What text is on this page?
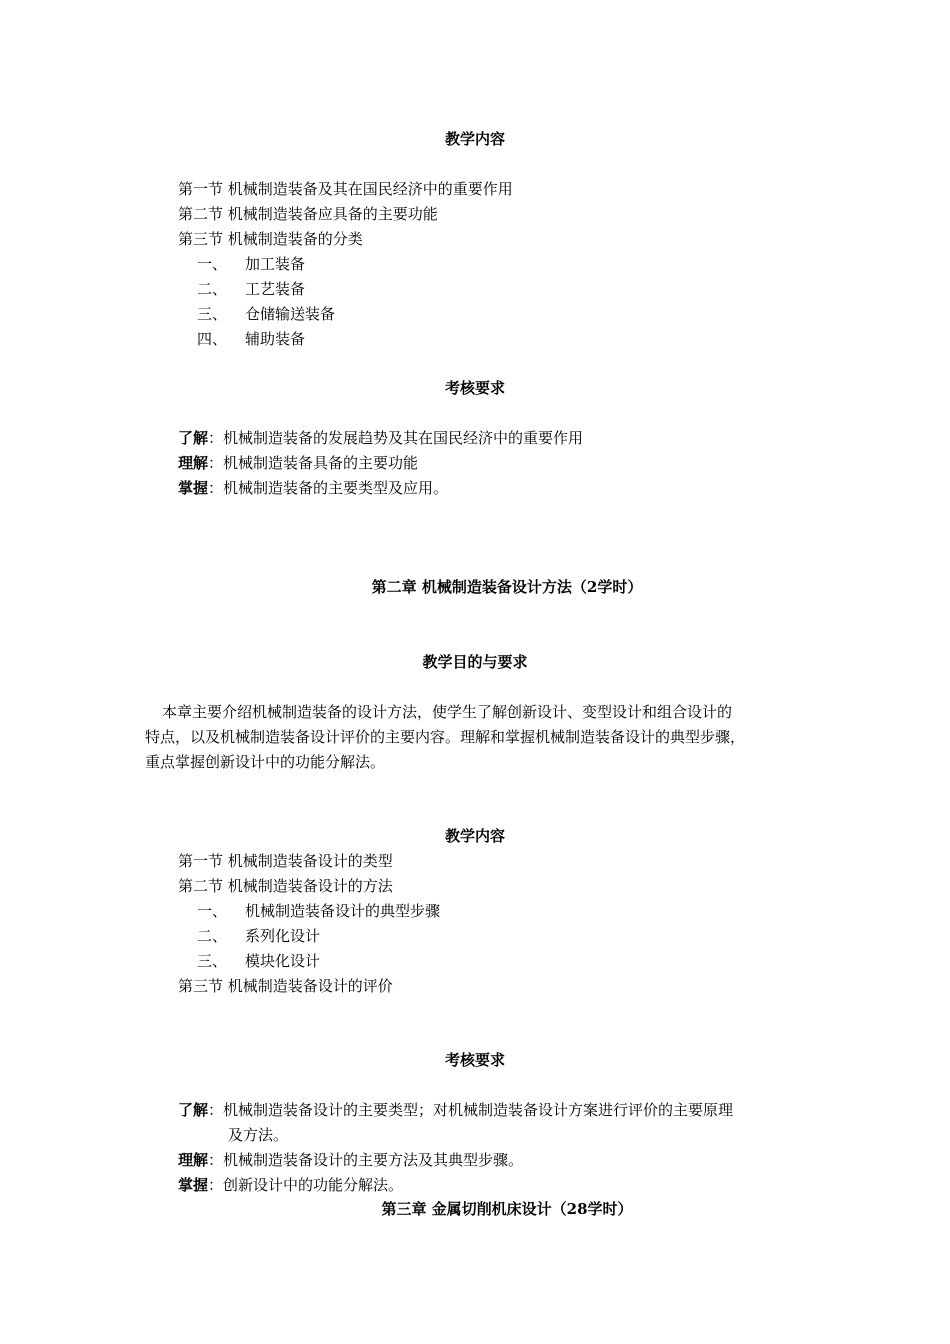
教学内容
第一节 机械制造装备及其在国民经济中的重要作用
第二节 机械制造装备应具备的主要功能
第三节 机械制造装备的分类
一、 加工装备
二、 工艺装备
三、 仓储输送装备
四、 辅助装备
考核要求
了解：机械制造装备的发展趋势及其在国民经济中的重要作用
理解：机械制造装备具备的主要功能
掌握：机械制造装备的主要类型及应用。
第二章 机械制造装备设计方法（2学时）
教学目的与要求

本章主要介绍机械制造装备的设计方法，使学生了解创新设计、变型设计和组合设计的

特点，以及机械制造装备设计评价的主要内容。理解和掌握机械制造装备设计的典型步骤，

重点掌握创新设计中的功能分解法。

教学内容
第一节 机械制造装备设计的类型
第二节 机械制造装备设计的方法
一、 机械制造装备设计的典型步骤
二、 系列化设计
三、 模块化设计
第三节 机械制造装备设计的评价
考核要求
了解：机械制造装备设计的主要类型；对机械制造装备设计方案进行评价的主要原理
及方法。
理解：机械制造装备设计的主要方法及其典型步骤。
掌握：创新设计中的功能分解法。
第三章 金属切削机床设计（28学时）
